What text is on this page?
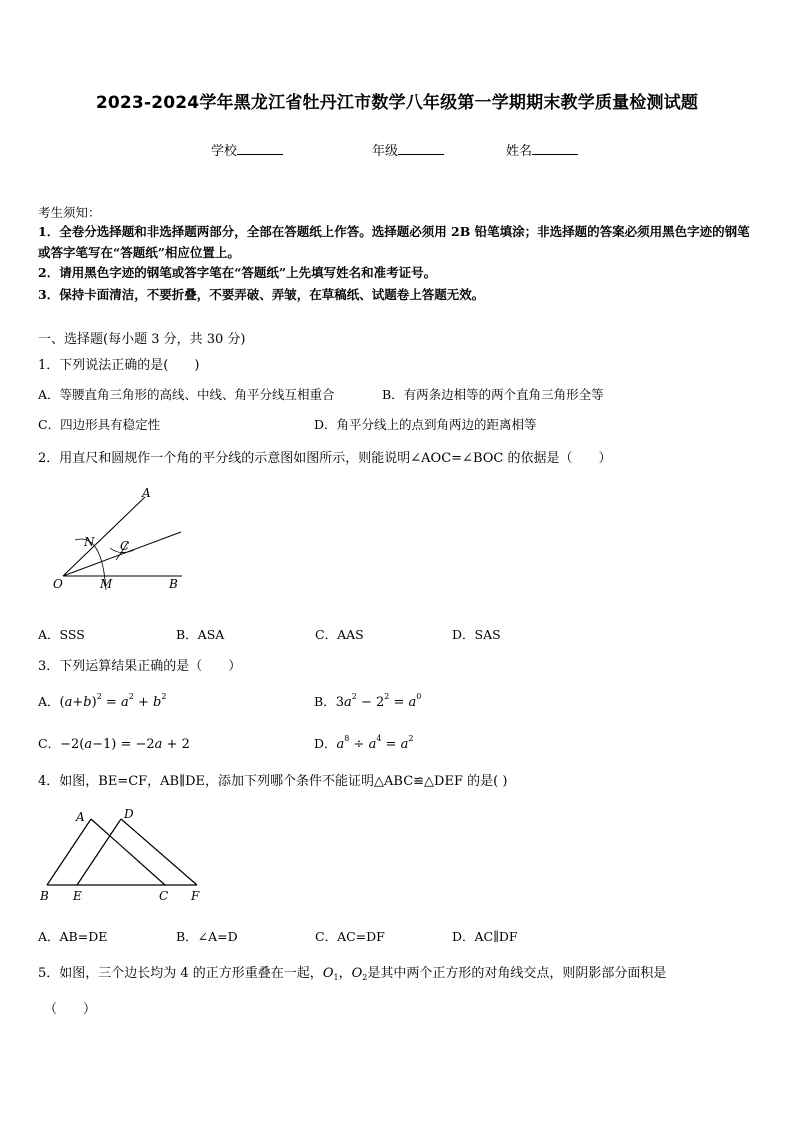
2023-2024学年黑龙江省牡丹江市数学八年级第一学期期末教学质量检测试题
学校	年级	姓名
考生须知：
1．全卷分选择题和非选择题两部分，全部在答题纸上作答。选择题必须用 2B 铅笔填涂；非选择题的答案必须用黑色字迹的钢笔或答字笔写在“答题纸”相应位置上。
2．请用黑色字迹的钢笔或答字笔在“答题纸”上先填写姓名和准考证号。
3．保持卡面清洁，不要折叠，不要弄破、弄皱，在草稿纸、试题卷上答题无效。
一、选择题(每小题 3 分，共 30 分)
1．下列说法正确的是(　　)
A．等腰直角三角形的高线、中线、角平分线互相重合	B．有两条边相等的两个直角三角形全等
C．四边形具有稳定性	D．角平分线上的点到角两边的距离相等
2．用直尺和圆规作一个角的平分线的示意图如图所示，则能说明∠AOC=∠BOC 的依据是（　　）
A
N C
O	M	B
A．SSS	B．ASA	C．AAS	D．SAS
3．下列运算结果正确的是（　　）
A．$(a+b)^2 = a^2 + b^2$	B．$3a^2 - 2^2 = a^0$
C．−2(a−1) = −2a + 2	D．$a^8 \div a^4 = a^2$
4．如图，BE=CF，AB∥DE，添加下列哪个条件不能证明△ABC≌△DEF 的是( )
A	D
B E	C F
A．AB=DE	B．∠A=D	C．AC=DF	D．AC∥DF
5．如图，三个边长均为 4 的正方形重叠在一起，$O_1$，$O_2$是其中两个正方形的对角线交点，则阴影部分面积是
（　　）
